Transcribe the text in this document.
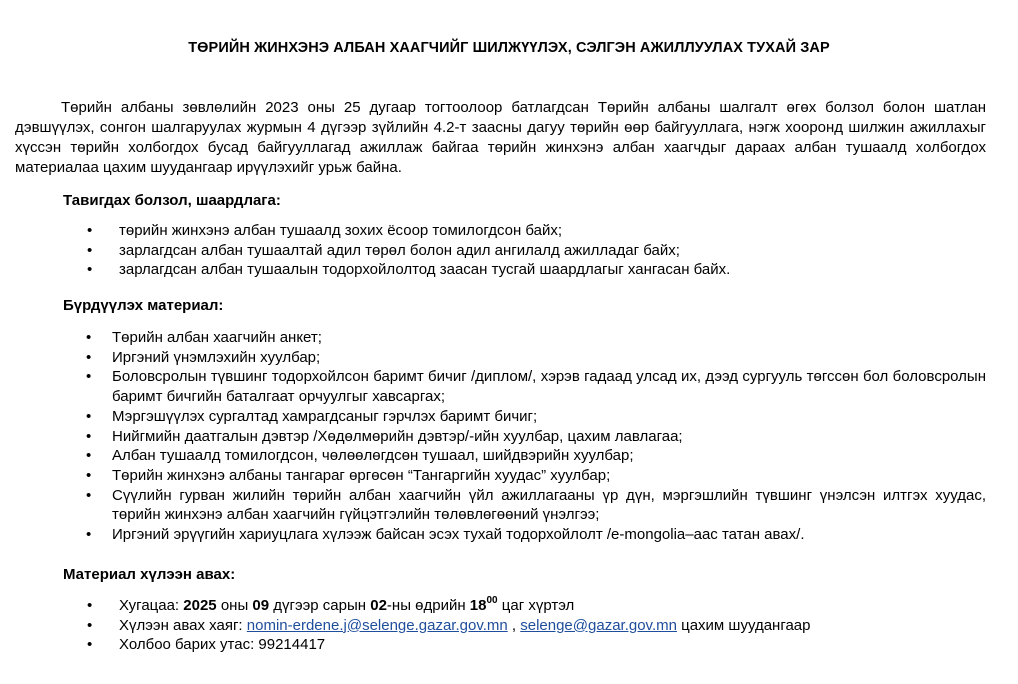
ТӨРИЙН ЖИНХЭНЭ АЛБАН ХААГЧИЙГ ШИЛЖҮҮЛЭХ, СЭЛГЭН АЖИЛЛУУЛАХ ТУХАЙ ЗАР

Төрийн албаны зөвлөлийн 2023 оны 25 дугаар тогтоолоор батлагдсан Төрийн албаны шалгалт өгөх болзол болон шатлан дэвшүүлэх, сонгон шалгаруулах журмын 4 дүгээр зүйлийн 4.2-т заасны дагуу төрийн өөр байгууллага, нэгж хооронд шилжин ажиллахыг хүссэн төрийн холбогдох бусад байгууллагад ажиллаж байгаа төрийн жинхэнэ албан хаагчдыг дараах албан тушаалд холбогдох материалаа цахим шуудангаар ирүүлэхийг урьж байна.

Тавигдах болзол, шаардлага:

• төрийн жинхэнэ албан тушаалд зохих ёсоор томилогдсон байх;
• зарлагдсан албан тушаалтай адил төрөл болон адил ангилалд ажилладаг байх;
• зарлагдсан албан тушаалын тодорхойлолтод заасан тусгай шаардлагыг хангасан байх.

Бүрдүүлэх материал:

• Төрийн албан хаагчийн анкет;
• Иргэний үнэмлэхийн хуулбар;
• Боловсролын түвшинг тодорхойлсон баримт бичиг /диплом/, хэрэв гадаад улсад их, дээд сургууль төгссөн бол боловсролын баримт бичгийн баталгаат орчуулгыг хавсаргах;
• Мэргэшүүлэх сургалтад хамрагдсаныг гэрчлэх баримт бичиг;
• Нийгмийн даатгалын дэвтэр /Хөдөлмөрийн дэвтэр/-ийн хуулбар, цахим лавлагаа;
• Албан тушаалд томилогдсон, чөлөөлөгдсөн тушаал, шийдвэрийн хуулбар;
• Төрийн жинхэнэ албаны тангараг өргөсөн “Тангаргийн хуудас” хуулбар;
• Сүүлийн гурван жилийн төрийн албан хаагчийн үйл ажиллагааны үр дүн, мэргэшлийн түвшинг үнэлсэн илтгэх хуудас, төрийн жинхэнэ албан хаагчийн гүйцэтгэлийн төлөвлөгөөний үнэлгээ;
• Иргэний эрүүгийн хариуцлага хүлээж байсан эсэх тухай тодорхойлолт /e-mongolia–аас татан авах/.

Материал хүлээн авах:

• Хугацаа: 2025 оны 09 дүгээр сарын 02-ны өдрийн $18^{00}$ цаг хүртэл
• Хүлээн авах хаяг: nomin-erdene.j@selenge.gazar.gov.mn , selenge@gazar.gov.mn цахим шуудангаар
• Холбоо барих утас: 99214417
